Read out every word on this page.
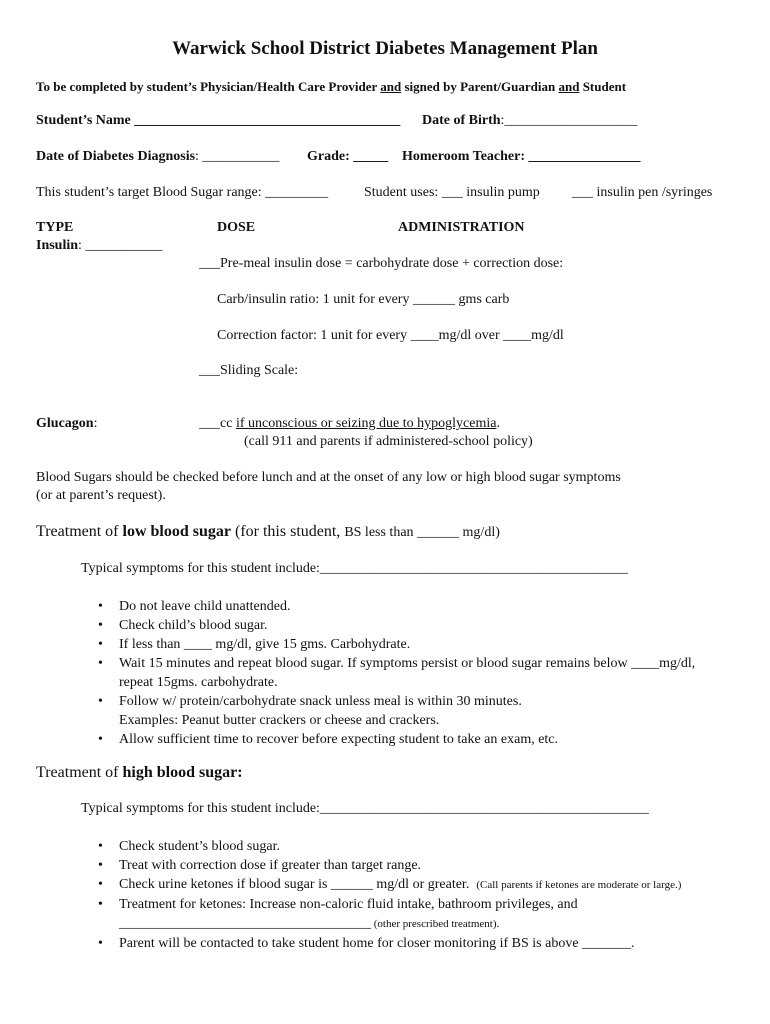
Warwick School District Diabetes Management Plan
To be completed by student’s Physician/Health Care Provider and signed by Parent/Guardian and Student
Student’s Name ______________________________________ Date of Birth:___________________
Date of Diabetes Diagnosis: ___________ Grade: _____ Homeroom Teacher: ________________
This student’s target Blood Sugar range: _________	Student uses: ___ insulin pump ___ insulin pen /syringes
TYPE	DOSE	ADMINISTRATION
Insulin: ___________
___Pre-meal insulin dose = carbohydrate dose + correction dose:
Carb/insulin ratio: 1 unit for every ______ gms carb
Correction factor: 1 unit for every ____mg/dl over ____mg/dl
___Sliding Scale:
Glucagon:	___cc if unconscious or seizing due to hypoglycemia.
(call 911 and parents if administered-school policy)
Blood Sugars should be checked before lunch and at the onset of any low or high blood sugar symptoms
(or at parent’s request).
Treatment of low blood sugar (for this student, BS less than ______ mg/dl)
Typical symptoms for this student include:____________________________________________
• Do not leave child unattended.
• Check child’s blood sugar.
• If less than ____ mg/dl, give 15 gms. Carbohydrate.
• Wait 15 minutes and repeat blood sugar. If symptoms persist or blood sugar remains below ____mg/dl,
repeat 15gms. carbohydrate.
• Follow w/ protein/carbohydrate snack unless meal is within 30 minutes.
Examples: Peanut butter crackers or cheese and crackers.
• Allow sufficient time to recover before expecting student to take an exam, etc.
Treatment of high blood sugar:
Typical symptoms for this student include:_______________________________________________
• Check student’s blood sugar.
• Treat with correction dose if greater than target range.
• Check urine ketones if blood sugar is ______ mg/dl or greater. (Call parents if ketones are moderate or large.)
• Treatment for ketones: Increase non-caloric fluid intake, bathroom privileges, and
____________________________________ (other prescribed treatment).
• Parent will be contacted to take student home for closer monitoring if BS is above _______.
